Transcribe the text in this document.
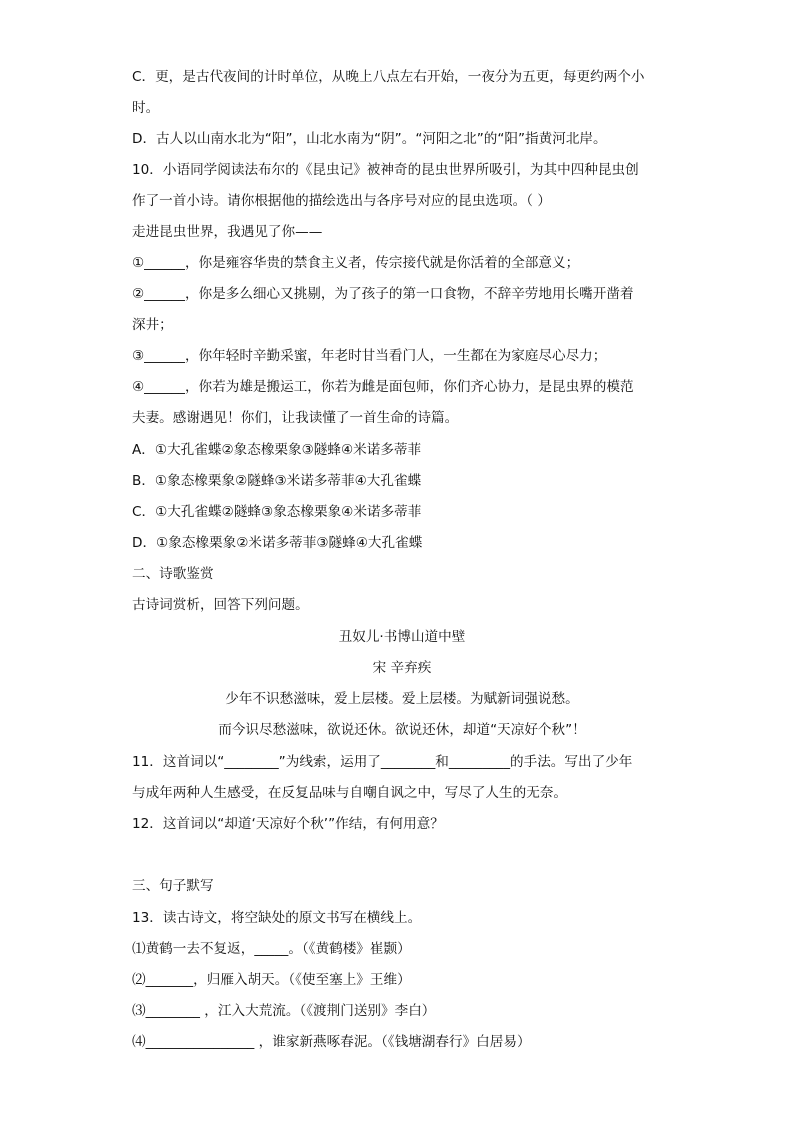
C．更，是古代夜间的计时单位，从晚上八点左右开始，一夜分为五更，每更约两个小
时。
D．古人以山南水北为“阳”，山北水南为“阴”。“河阳之北”的“阳”指黄河北岸。
10．小语同学阅读法布尔的《昆虫记》被神奇的昆虫世界所吸引，为其中四种昆虫创
作了一首小诗。请你根据他的描绘选出与各序号对应的昆虫选项。（ ）
走进昆虫世界，我遇见了你——
①______，你是雍容华贵的禁食主义者，传宗接代就是你活着的全部意义；
②______，你是多么细心又挑剔，为了孩子的第一口食物，不辞辛劳地用长嘴开凿着
深井；
③______，你年轻时辛勤采蜜，年老时甘当看门人，一生都在为家庭尽心尽力；
④______，你若为雄是搬运工，你若为雌是面包师，你们齐心协力，是昆虫界的模范
夫妻。感谢遇见！你们，让我读懂了一首生命的诗篇。
A．①大孔雀蝶②象态橡栗象③隧蜂④米诺多蒂菲
B．①象态橡栗象②隧蜂③米诺多蒂菲④大孔雀蝶
C．①大孔雀蝶②隧蜂③象态橡栗象④米诺多蒂菲
D．①象态橡栗象②米诺多蒂菲③隧蜂④大孔雀蝶
二、诗歌鉴赏
古诗词赏析，回答下列问题。
丑奴儿·书博山道中壁
宋 辛弃疾
少年不识愁滋味，爱上层楼。爱上层楼。为赋新词强说愁。
而今识尽愁滋味，欲说还休。欲说还休，却道“天凉好个秋”！
11．这首词以“________”为线索，运用了________和_________的手法。写出了少年
与成年两种人生感受，在反复品味与自嘲自讽之中，写尽了人生的无奈。
12．这首词以“却道‘天凉好个秋’”作结，有何用意？
三、句子默写
13．读古诗文，将空缺处的原文书写在横线上。
⑴黄鹤一去不复返，_____。（《黄鹤楼》崔颢）
⑵_______，归雁入胡天。（《使至塞上》王维）
⑶________ ，江入大荒流。（《渡荆门送别》李白）
⑷________________ ，谁家新燕啄春泥。（《钱塘湖春行》白居易）
